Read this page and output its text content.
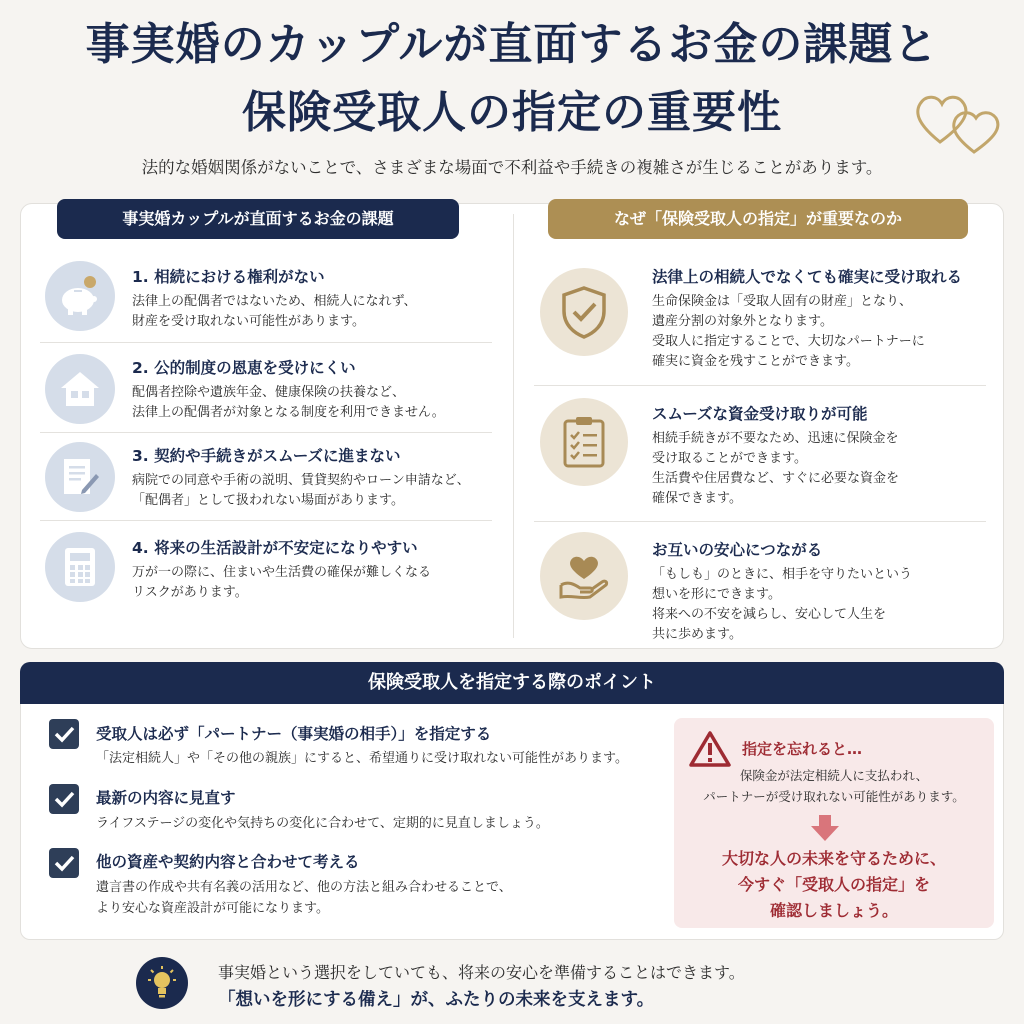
事実婚のカップルが直面するお金の課題と
保険受取人の指定の重要性
法的な婚姻関係がないことで、さまざまな場面で不利益や手続きの複雑さが生じることがあります。
事実婚カップルが直面するお金の課題	なぜ「保険受取人の指定」が重要なのか
1. 相続における権利がない
法律上の配偶者ではないため、相続人になれず、
財産を受け取れない可能性があります。
2. 公的制度の恩恵を受けにくい
配偶者控除や遺族年金、健康保険の扶養など、
法律上の配偶者が対象となる制度を利用できません。
3. 契約や手続きがスムーズに進まない
病院での同意や手術の説明、賃貸契約やローン申請など、
「配偶者」として扱われない場面があります。
4. 将来の生活設計が不安定になりやすい
万が一の際に、住まいや生活費の確保が難しくなる
リスクがあります。
法律上の相続人でなくても確実に受け取れる
生命保険金は「受取人固有の財産」となり、
遺産分割の対象外となります。
受取人に指定することで、大切なパートナーに
確実に資金を残すことができます。
スムーズな資金受け取りが可能
相続手続きが不要なため、迅速に保険金を
受け取ることができます。
生活費や住居費など、すぐに必要な資金を
確保できます。
お互いの安心につながる
「もしも」のときに、相手を守りたいという
想いを形にできます。
将来への不安を減らし、安心して人生を
共に歩めます。
保険受取人を指定する際のポイント
受取人は必ず「パートナー（事実婚の相手）」を指定する
「法定相続人」や「その他の親族」にすると、希望通りに受け取れない可能性があります。
最新の内容に見直す
ライフステージの変化や気持ちの変化に合わせて、定期的に見直しましょう。
他の資産や契約内容と合わせて考える
遺言書の作成や共有名義の活用など、他の方法と組み合わせることで、
より安心な資産設計が可能になります。
指定を忘れると…
保険金が法定相続人に支払われ、
パートナーが受け取れない可能性があります。
大切な人の未来を守るために、
今すぐ「受取人の指定」を
確認しましょう。
事実婚という選択をしていても、将来の安心を準備することはできます。
「想いを形にする備え」が、ふたりの未来を支えます。
